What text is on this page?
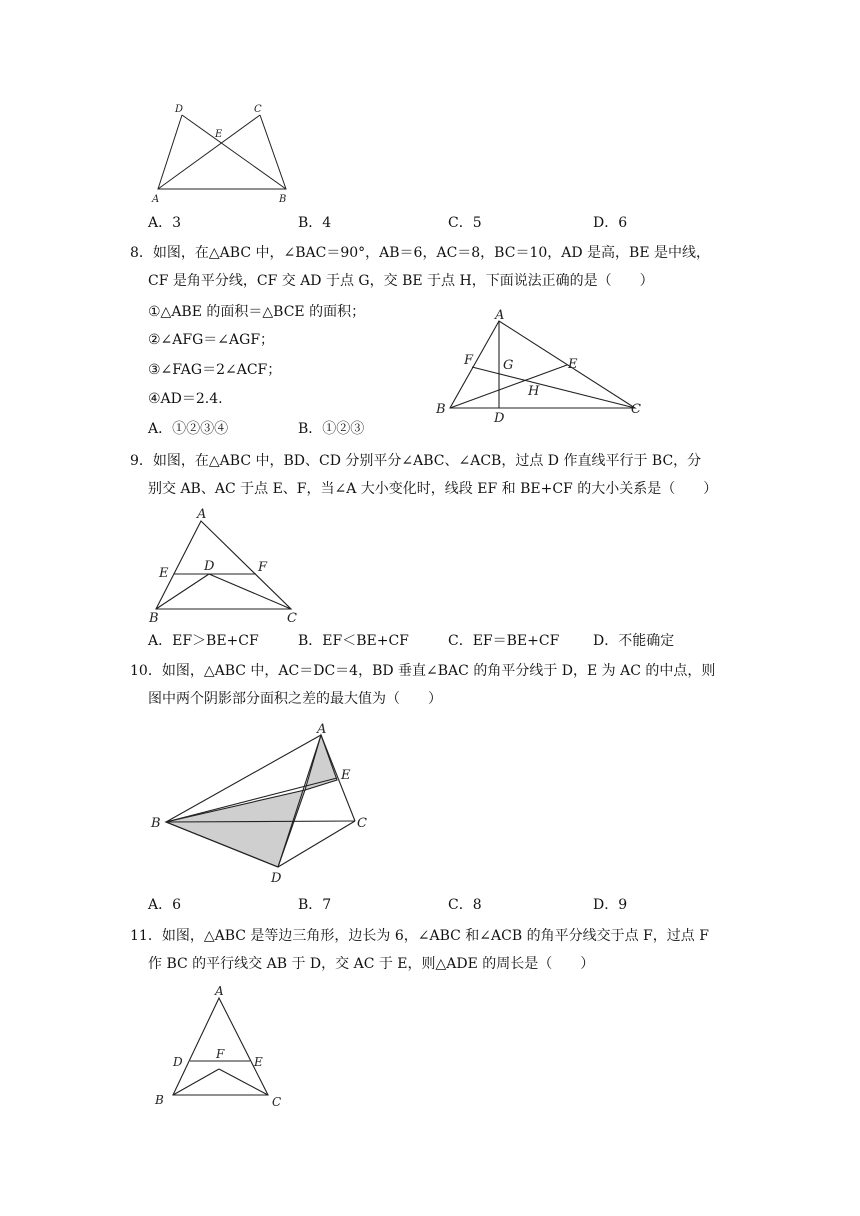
D	C
E
A	B
A．3	B．4	C．5	D．6
8．如图，在△ABC 中，∠BAC＝90°，AB＝6，AC＝8，BC＝10，AD 是高，BE 是中线，
CF 是角平分线，CF 交 AD 于点 G，交 BE 于点 H，下面说法正确的是（　　）
①△ABE 的面积＝△BCE 的面积；
②∠AFG＝∠AGF；
③∠FAG＝2∠ACF；
④AD＝2.4.
A．①②③④	B．①②③
A
F G	E
H
B
D
C
9．如图，在△ABC 中，BD、CD 分别平分∠ABC、∠ACB，过点 D 作直线平行于 BC，分
别交 AB、AC 于点 E、F，当∠A 大小变化时，线段 EF 和 BE+CF 的大小关系是（　　）
A
E	D	F
B	C
A．EF＞BE+CF	B．EF＜BE+CF	C．EF＝BE+CF D．不能确定
10．如图，△ABC 中，AC＝DC＝4，BD 垂直∠BAC 的角平分线于 D，E 为 AC 的中点，则
图中两个阴影部分面积之差的最大值为（　　）
A
E
B	C
D
A．6	B．7	C．8	D．9
11．如图，△ABC 是等边三角形，边长为 6，∠ABC 和∠ACB 的角平分线交于点 F，过点 F
作 BC 的平行线交 AB 于 D，交 AC 于 E，则△ADE 的周长是（　　）
A
D
F
E
B	C
